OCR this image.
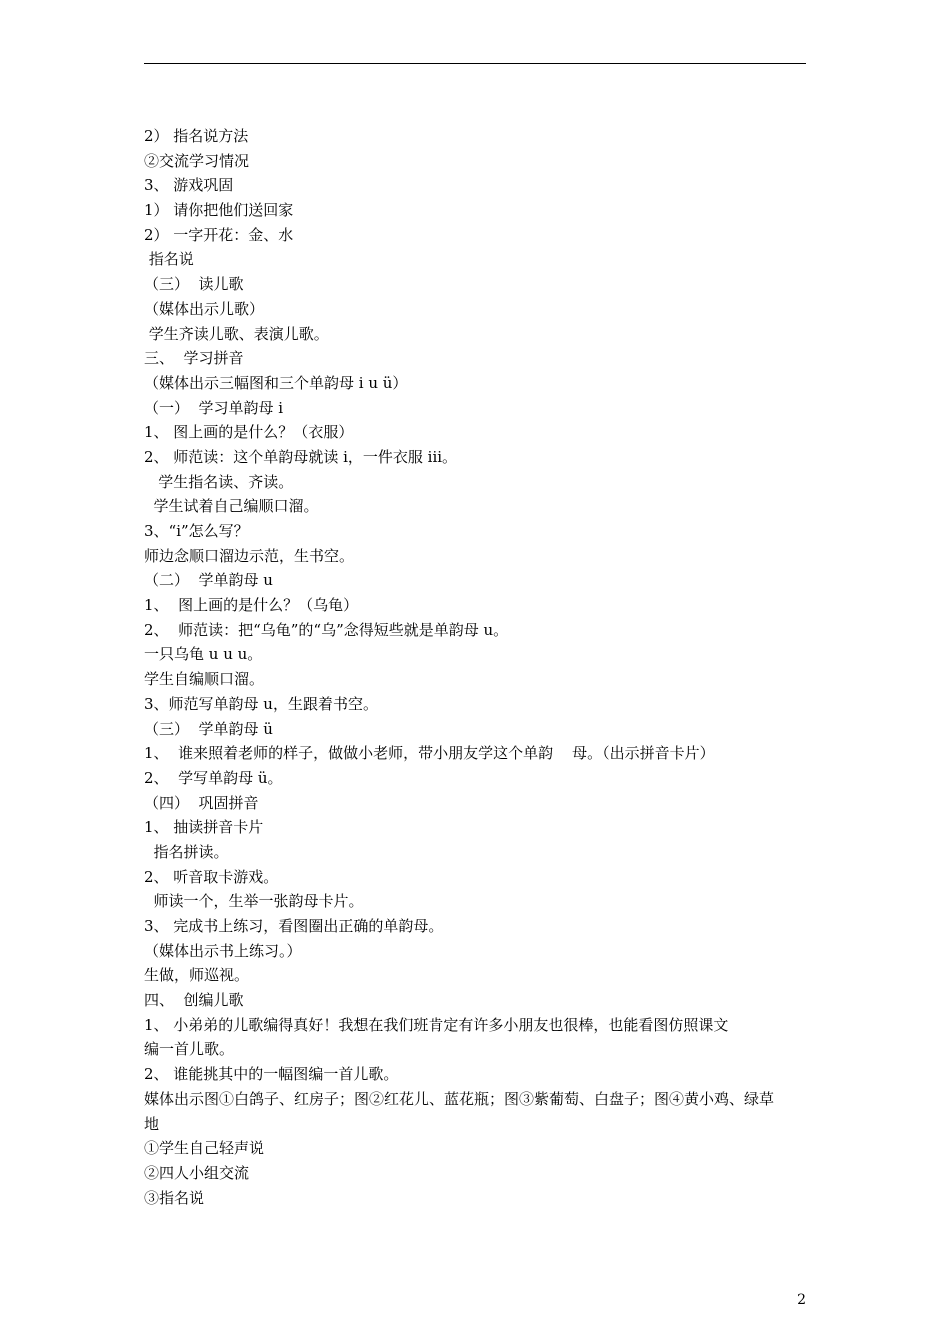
2） 指名说方法
②交流学习情况
3、 游戏巩固
1） 请你把他们送回家
2） 一字开花：金、水
指名说
（三）  读儿歌
（媒体出示儿歌）
学生齐读儿歌、表演儿歌。
三、  学习拼音
（媒体出示三幅图和三个单韵母 i u ü）
（一）  学习单韵母 i
1、 图上画的是什么？（衣服）
2、 师范读：这个单韵母就读 i，一件衣服 iii。
学生指名读、齐读。
学生试着自己编顺口溜。
3、“i”怎么写？
师边念顺口溜边示范，生书空。
（二）  学单韵母 u
1、  图上画的是什么？（乌龟）
2、  师范读：把“乌龟”的“乌”念得短些就是单韵母 u。
一只乌龟 u u u。
学生自编顺口溜。
3、师范写单韵母 u，生跟着书空。
（三）  学单韵母 ü
1、  谁来照着老师的样子，做做小老师，带小朋友学这个单韵    母。（出示拼音卡片）
2、  学写单韵母 ü。
（四）  巩固拼音
1、 抽读拼音卡片
指名拼读。
2、 听音取卡游戏。
师读一个，生举一张韵母卡片。
3、 完成书上练习，看图圈出正确的单韵母。
（媒体出示书上练习。）
生做，师巡视。
四、  创编儿歌
1、 小弟弟的儿歌编得真好！我想在我们班肯定有许多小朋友也很棒，也能看图仿照课文
编一首儿歌。
2、 谁能挑其中的一幅图编一首儿歌。
媒体出示图①白鸽子、红房子；图②红花儿、蓝花瓶；图③紫葡萄、白盘子；图④黄小鸡、绿草
地
①学生自己轻声说
②四人小组交流
③指名说
2
